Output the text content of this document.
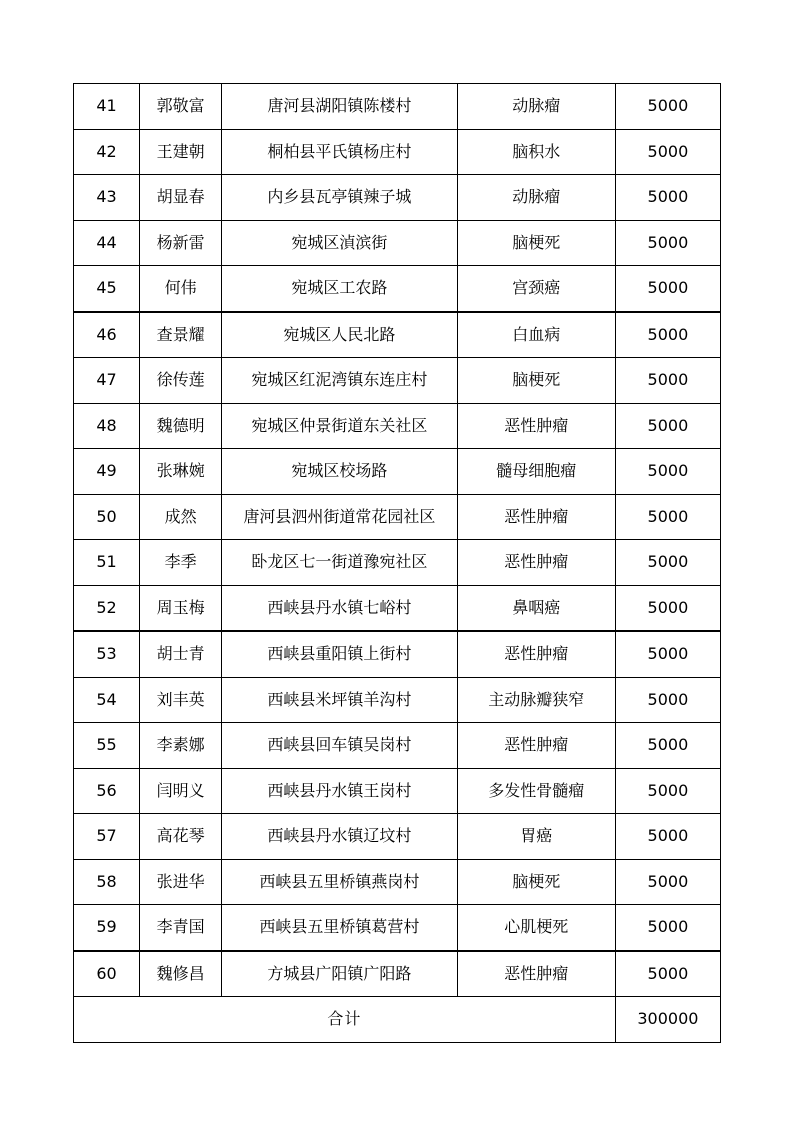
41	郭敬富	唐河县湖阳镇陈楼村	动脉瘤	5000
42	王建朝	桐柏县平氏镇杨庄村	脑积水	5000
43	胡显春	内乡县瓦亭镇辣子城	动脉瘤	5000
44	杨新雷	宛城区湞滨街	脑梗死	5000
45	何伟	宛城区工农路	宫颈癌	5000
46	查景耀	宛城区人民北路	白血病	5000
47	徐传莲	宛城区红泥湾镇东连庄村	脑梗死	5000
48	魏德明	宛城区仲景街道东关社区	恶性肿瘤	5000
49	张琳婉	宛城区校场路	髓母细胞瘤	5000
50	成然	唐河县泗州街道常花园社区	恶性肿瘤	5000
51	李季	卧龙区七一街道豫宛社区	恶性肿瘤	5000
52	周玉梅	西峡县丹水镇七峪村	鼻咽癌	5000
53	胡士青	西峡县重阳镇上街村	恶性肿瘤	5000
54	刘丰英	西峡县米坪镇羊沟村	主动脉瓣狭窄	5000
55	李素娜	西峡县回车镇吴岗村	恶性肿瘤	5000
56	闫明义	西峡县丹水镇王岗村	多发性骨髓瘤	5000
57	高花琴	西峡县丹水镇辽坟村	胃癌	5000
58	张进华	西峡县五里桥镇燕岗村	脑梗死	5000
59	李青国	西峡县五里桥镇葛营村	心肌梗死	5000
60	魏修昌	方城县广阳镇广阳路	恶性肿瘤	5000
合计				300000
